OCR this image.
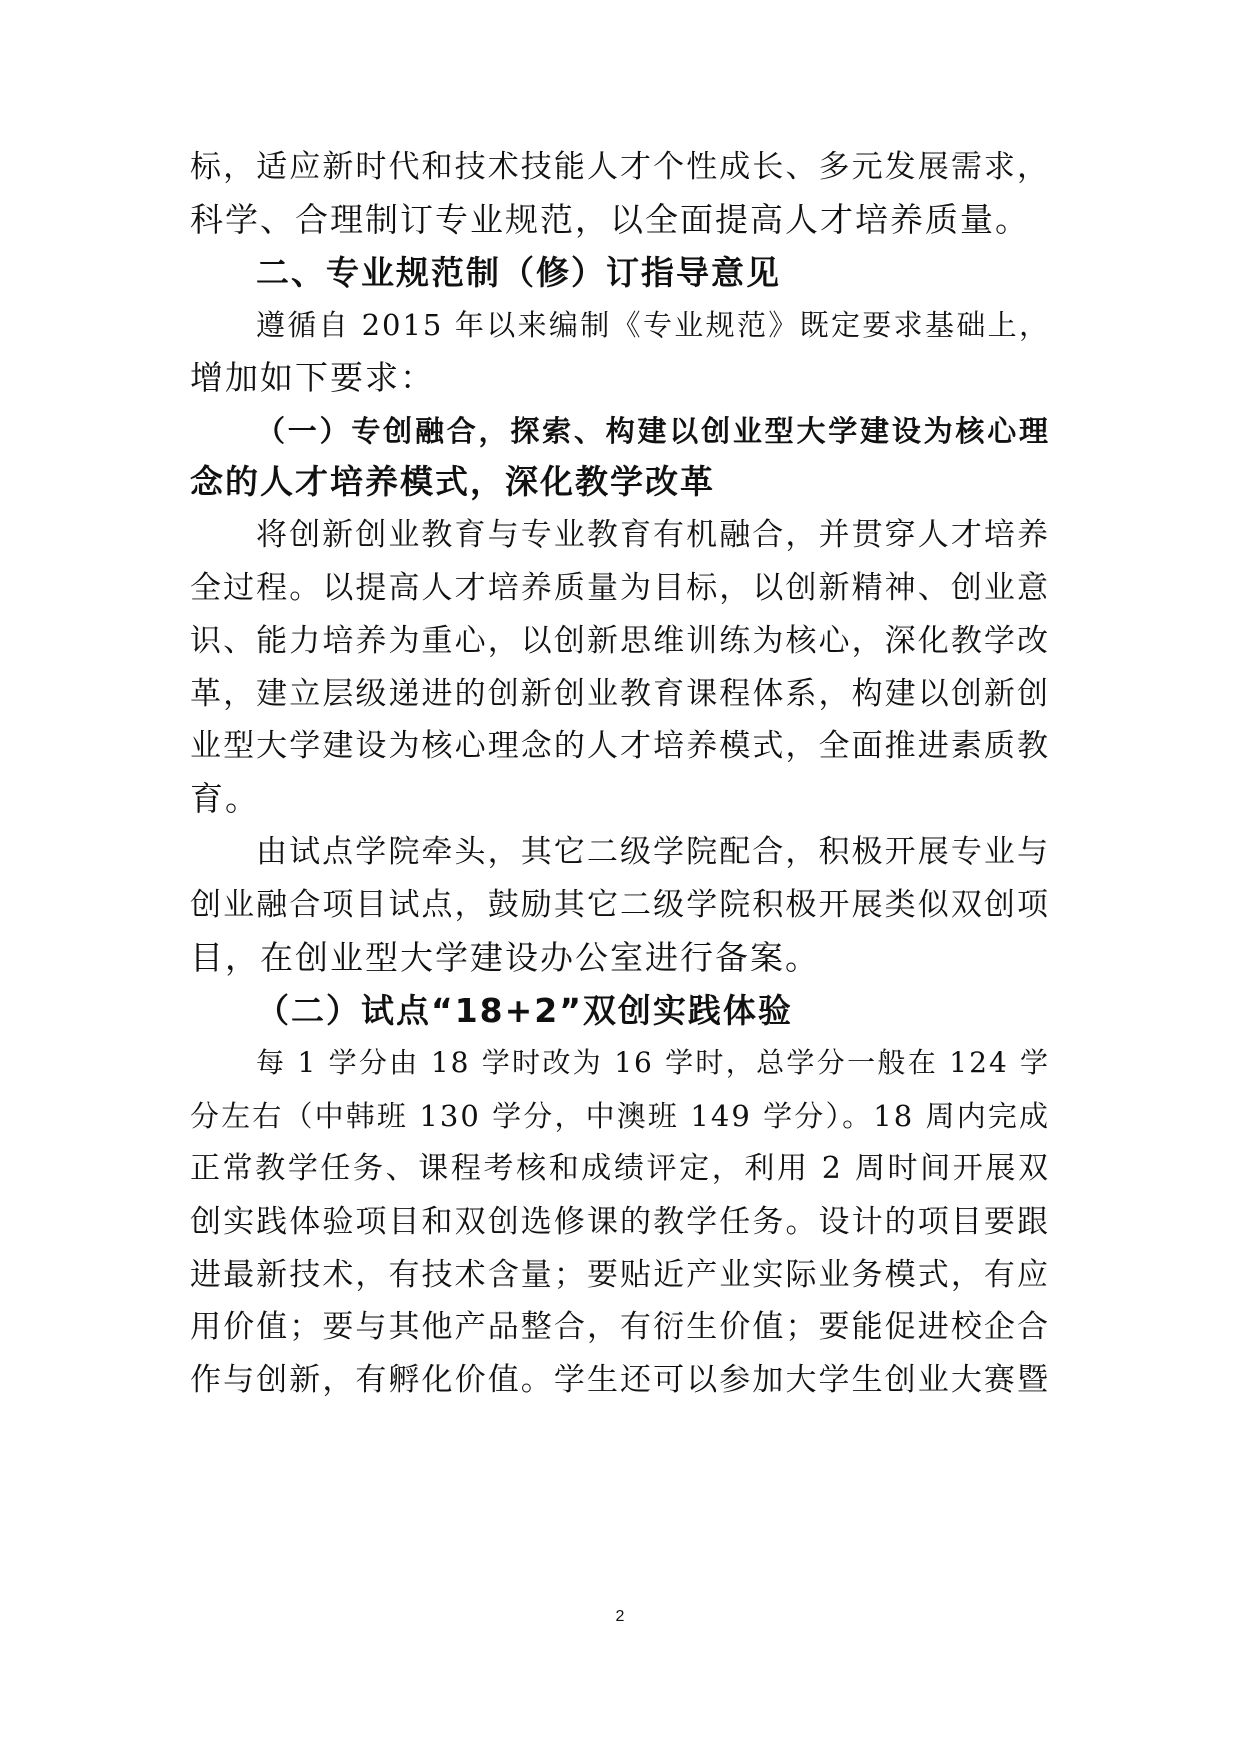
标，适应新时代和技术技能人才个性成长、多元发展需求，
科学、合理制订专业规范，以全面提高人才培养质量。
二、专业规范制（修）订指导意见
遵循自 2015 年以来编制《专业规范》既定要求基础上，
增加如下要求：
（一）专创融合，探索、构建以创业型大学建设为核心理
念的人才培养模式，深化教学改革
将创新创业教育与专业教育有机融合，并贯穿人才培养
全过程。以提高人才培养质量为目标，以创新精神、创业意
识、能力培养为重心，以创新思维训练为核心，深化教学改
革，建立层级递进的创新创业教育课程体系，构建以创新创
业型大学建设为核心理念的人才培养模式，全面推进素质教
育。
由试点学院牵头，其它二级学院配合，积极开展专业与
创业融合项目试点，鼓励其它二级学院积极开展类似双创项
目，在创业型大学建设办公室进行备案。
（二）试点“18+2”双创实践体验
每 1 学分由 18 学时改为 16 学时，总学分一般在 124 学
分左右（中韩班 130 学分，中澳班 149 学分）。18 周内完成
正常教学任务、课程考核和成绩评定，利用 2 周时间开展双
创实践体验项目和双创选修课的教学任务。设计的项目要跟
进最新技术，有技术含量；要贴近产业实际业务模式，有应
用价值；要与其他产品整合，有衍生价值；要能促进校企合
作与创新，有孵化价值。学生还可以参加大学生创业大赛暨
2
